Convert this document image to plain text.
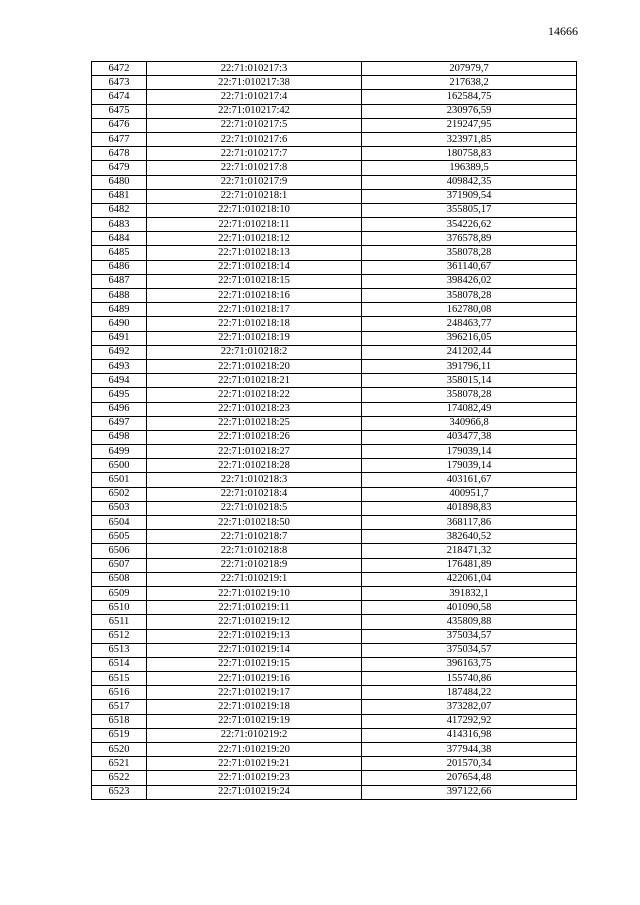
14666
6472	22:71:010217:3	207979,7
6473	22:71:010217:38	217638,2
6474	22:71:010217:4	162584,75
6475	22:71:010217:42	230976,59
6476	22:71:010217:5	219247,95
6477	22:71:010217:6	323971,85
6478	22:71:010217:7	180758,83
6479	22:71:010217:8	196389,5
6480	22:71:010217:9	409842,35
6481	22:71:010218:1	371909,54
6482	22:71:010218:10	355805,17
6483	22:71:010218:11	354226,62
6484	22:71:010218:12	376578,89
6485	22:71:010218:13	358078,28
6486	22:71:010218:14	361140,67
6487	22:71:010218:15	398426,02
6488	22:71:010218:16	358078,28
6489	22:71:010218:17	162780,08
6490	22:71:010218:18	248463,77
6491	22:71:010218:19	396216,05
6492	22:71:010218:2	241202,44
6493	22:71:010218:20	391796,11
6494	22:71:010218:21	358015,14
6495	22:71:010218:22	358078,28
6496	22:71:010218:23	174082,49
6497	22:71:010218:25	340966,8
6498	22:71:010218:26	403477,38
6499	22:71:010218:27	179039,14
6500	22:71:010218:28	179039,14
6501	22:71:010218:3	403161,67
6502	22:71:010218:4	400951,7
6503	22:71:010218:5	401898,83
6504	22:71:010218:50	368117,86
6505	22:71:010218:7	382640,52
6506	22:71:010218:8	218471,32
6507	22:71:010218:9	176481,89
6508	22:71:010219:1	422061,04
6509	22:71:010219:10	391832,1
6510	22:71:010219:11	401090,58
6511	22:71:010219:12	435809,88
6512	22:71:010219:13	375034,57
6513	22:71:010219:14	375034,57
6514	22:71:010219:15	396163,75
6515	22:71:010219:16	155740,86
6516	22:71:010219:17	187484,22
6517	22:71:010219:18	373282,07
6518	22:71:010219:19	417292,92
6519	22:71:010219:2	414316,98
6520	22:71:010219:20	377944,38
6521	22:71:010219:21	201570,34
6522	22:71:010219:23	207654,48
6523	22:71:010219:24	397122,66
